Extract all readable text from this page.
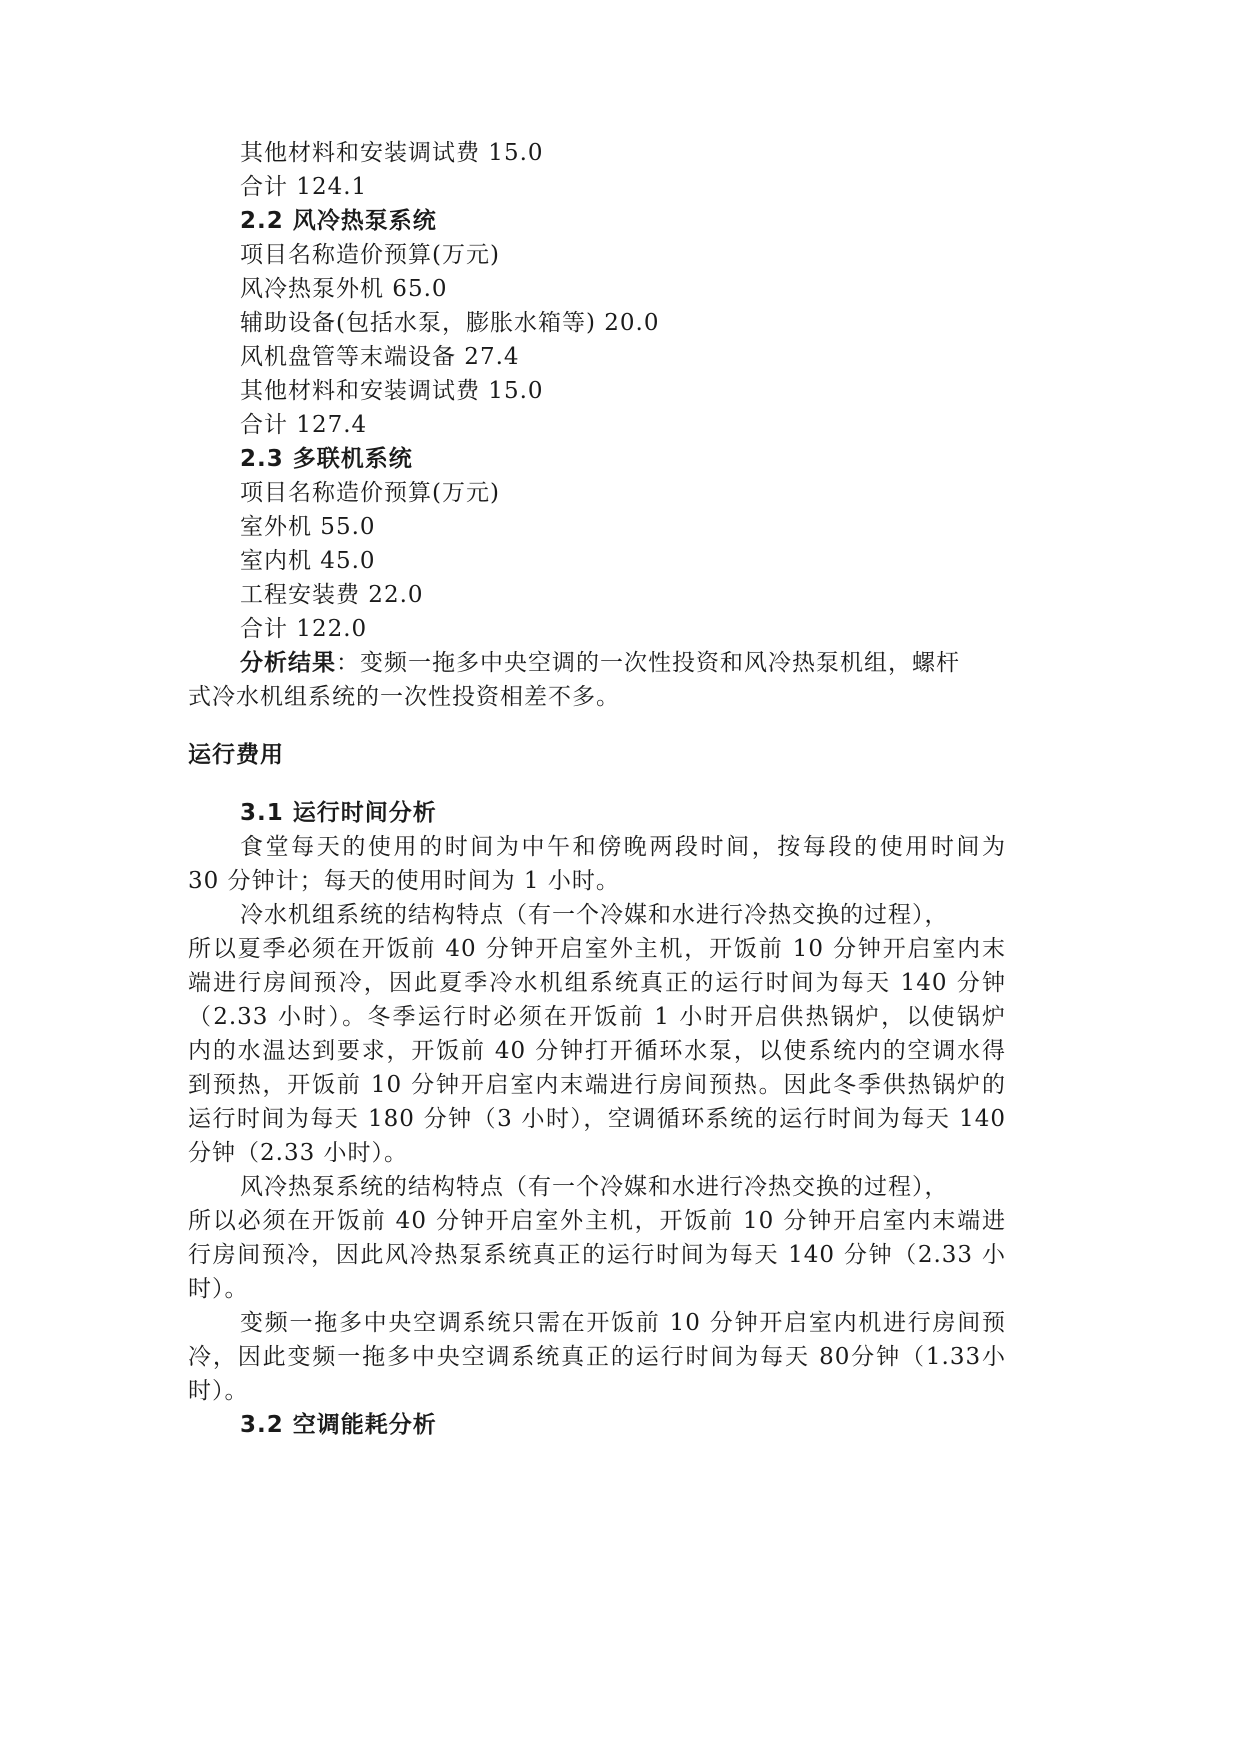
其他材料和安装调试费 15.0
合计 124.1
2.2 风冷热泵系统
项目名称造价预算(万元)
风冷热泵外机 65.0
辅助设备(包括水泵，膨胀水箱等) 20.0
风机盘管等末端设备 27.4
其他材料和安装调试费 15.0
合计 127.4
2.3 多联机系统
项目名称造价预算(万元)
室外机 55.0
室内机 45.0
工程安装费 22.0
合计 122.0
分析结果：变频一拖多中央空调的一次性投资和风冷热泵机组，螺杆
式冷水机组系统的一次性投资相差不多。
运行费用
3.1 运行时间分析
食堂每天的使用的时间为中午和傍晚两段时间，按每段的使用时间为
30 分钟计；每天的使用时间为 1 小时。
冷水机组系统的结构特点（有一个冷媒和水进行冷热交换的过程），
所以夏季必须在开饭前 40 分钟开启室外主机，开饭前 10 分钟开启室内末
端进行房间预冷，因此夏季冷水机组系统真正的运行时间为每天 140 分钟
（2.33 小时）。冬季运行时必须在开饭前 1 小时开启供热锅炉，以使锅炉
内的水温达到要求，开饭前 40 分钟打开循环水泵，以使系统内的空调水得
到预热，开饭前 10 分钟开启室内末端进行房间预热。因此冬季供热锅炉的
运行时间为每天 180 分钟（3 小时），空调循环系统的运行时间为每天 140
分钟（2.33 小时）。
风冷热泵系统的结构特点（有一个冷媒和水进行冷热交换的过程），
所以必须在开饭前 40 分钟开启室外主机，开饭前 10 分钟开启室内末端进
行房间预冷，因此风冷热泵系统真正的运行时间为每天 140 分钟（2.33 小
时）。
变频一拖多中央空调系统只需在开饭前 10 分钟开启室内机进行房间预
冷，因此变频一拖多中央空调系统真正的运行时间为每天 80分钟（1.33小
时）。
3.2 空调能耗分析
